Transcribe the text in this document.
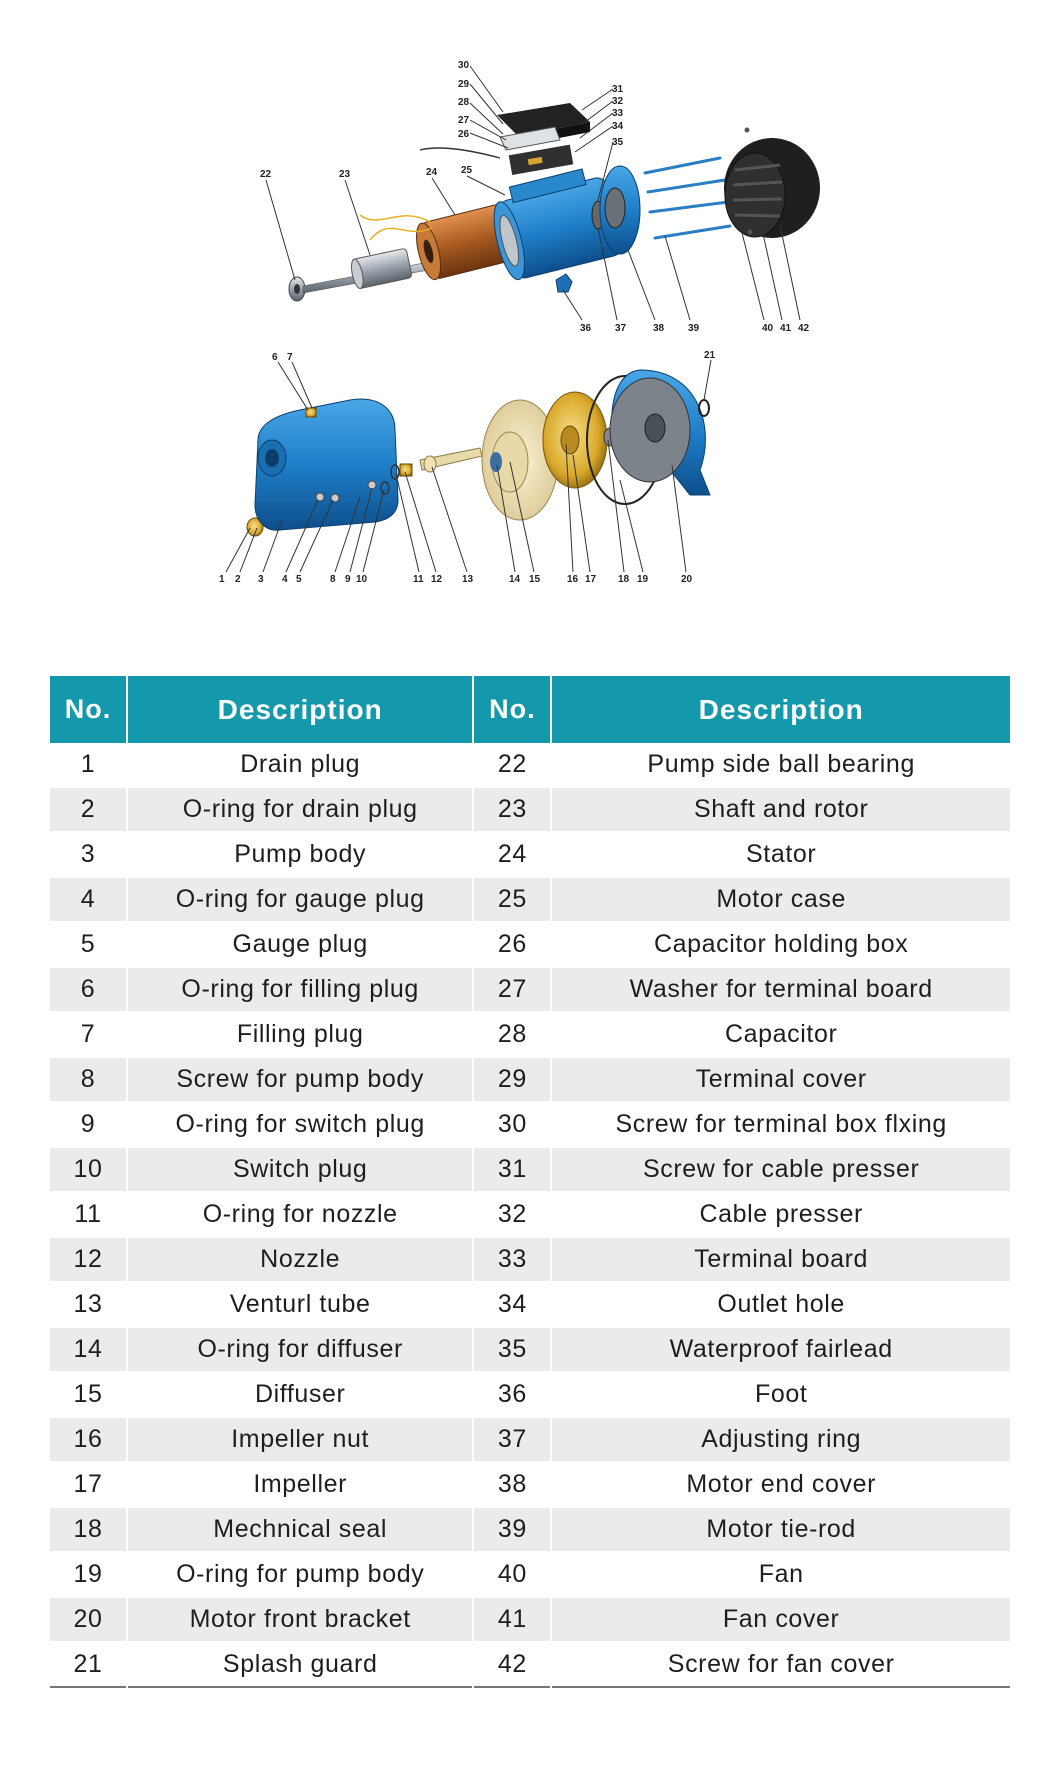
1 2 3 4 5
6 7
8 9 10	11 12 13	14 15	16 17 18 19	20
21
22	23	24 25
26
27
28
29
30
31
32
33
34
35
36 37	38 39	40 41 42
No.	Description	No.	Description
1	Drain plug	22	Pump side ball bearing
2	O-ring for drain plug	23	Shaft and rotor
3	Pump body	24	Stator
4	O-ring for gauge plug	25	Motor case
5	Gauge plug	26	Capacitor holding box
6	O-ring for filling plug	27	Washer for terminal board
7	Filling plug	28	Capacitor
8	Screw for pump body	29	Terminal cover
9	O-ring for switch plug	30	Screw for terminal box flxing
10	Switch plug	31	Screw for cable presser
11	O-ring for nozzle	32	Cable presser
12	Nozzle	33	Terminal board
13	Venturl tube	34	Outlet hole
14	O-ring for diffuser	35	Waterproof fairlead
15	Diffuser	36	Foot
16	Impeller nut	37	Adjusting ring
17	Impeller	38	Motor end cover
18	Mechnical seal	39	Motor tie-rod
19	O-ring for pump body	40	Fan
20	Motor front bracket	41	Fan cover
21	Splash guard	42	Screw for fan cover
